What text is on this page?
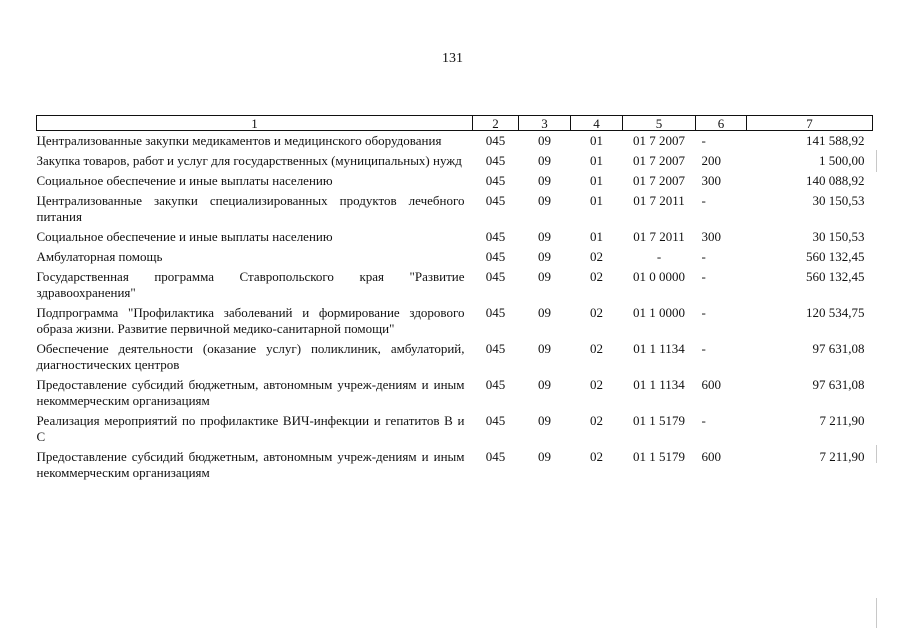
131
1	2	3	4	5	6	7
Централизованные закупки медикаментов и медицинского оборудования	045	09	01	01 7 2007	-	141 588,92
Закупка товаров, работ и услуг для государственных (муниципальных) нужд	045	09	01	01 7 2007	200	1 500,00
Социальное обеспечение и иные выплаты населению	045	09	01	01 7 2007	300	140 088,92
Централизованные закупки специализированных продуктов лечебного питания	045	09	01	01 7 2011	-	30 150,53
Социальное обеспечение и иные выплаты населению	045	09	01	01 7 2011	300	30 150,53
Амбулаторная помощь	045	09	02	-	-	560 132,45
Государственная программа Ставропольского края "Развитие здравоохранения"	045	09	02	01 0 0000	-	560 132,45
Подпрограмма "Профилактика заболеваний и формирование здорового образа жизни. Развитие первичной медико-санитарной помощи"	045	09	02	01 1 0000	-	120 534,75
Обеспечение деятельности (оказание услуг) поликлиник, амбулаторий, диагностических центров	045	09	02	01 1 1134	-	97 631,08
Предоставление субсидий бюджетным, автономным учреж-дениям и иным некоммерческим организациям	045	09	02	01 1 1134	600	97 631,08
Реализация мероприятий по профилактике ВИЧ-инфекции и гепатитов В и С	045	09	02	01 1 5179	-	7 211,90
Предоставление субсидий бюджетным, автономным учреж-дениям и иным некоммерческим организациям	045	09	02	01 1 5179	600	7 211,90
